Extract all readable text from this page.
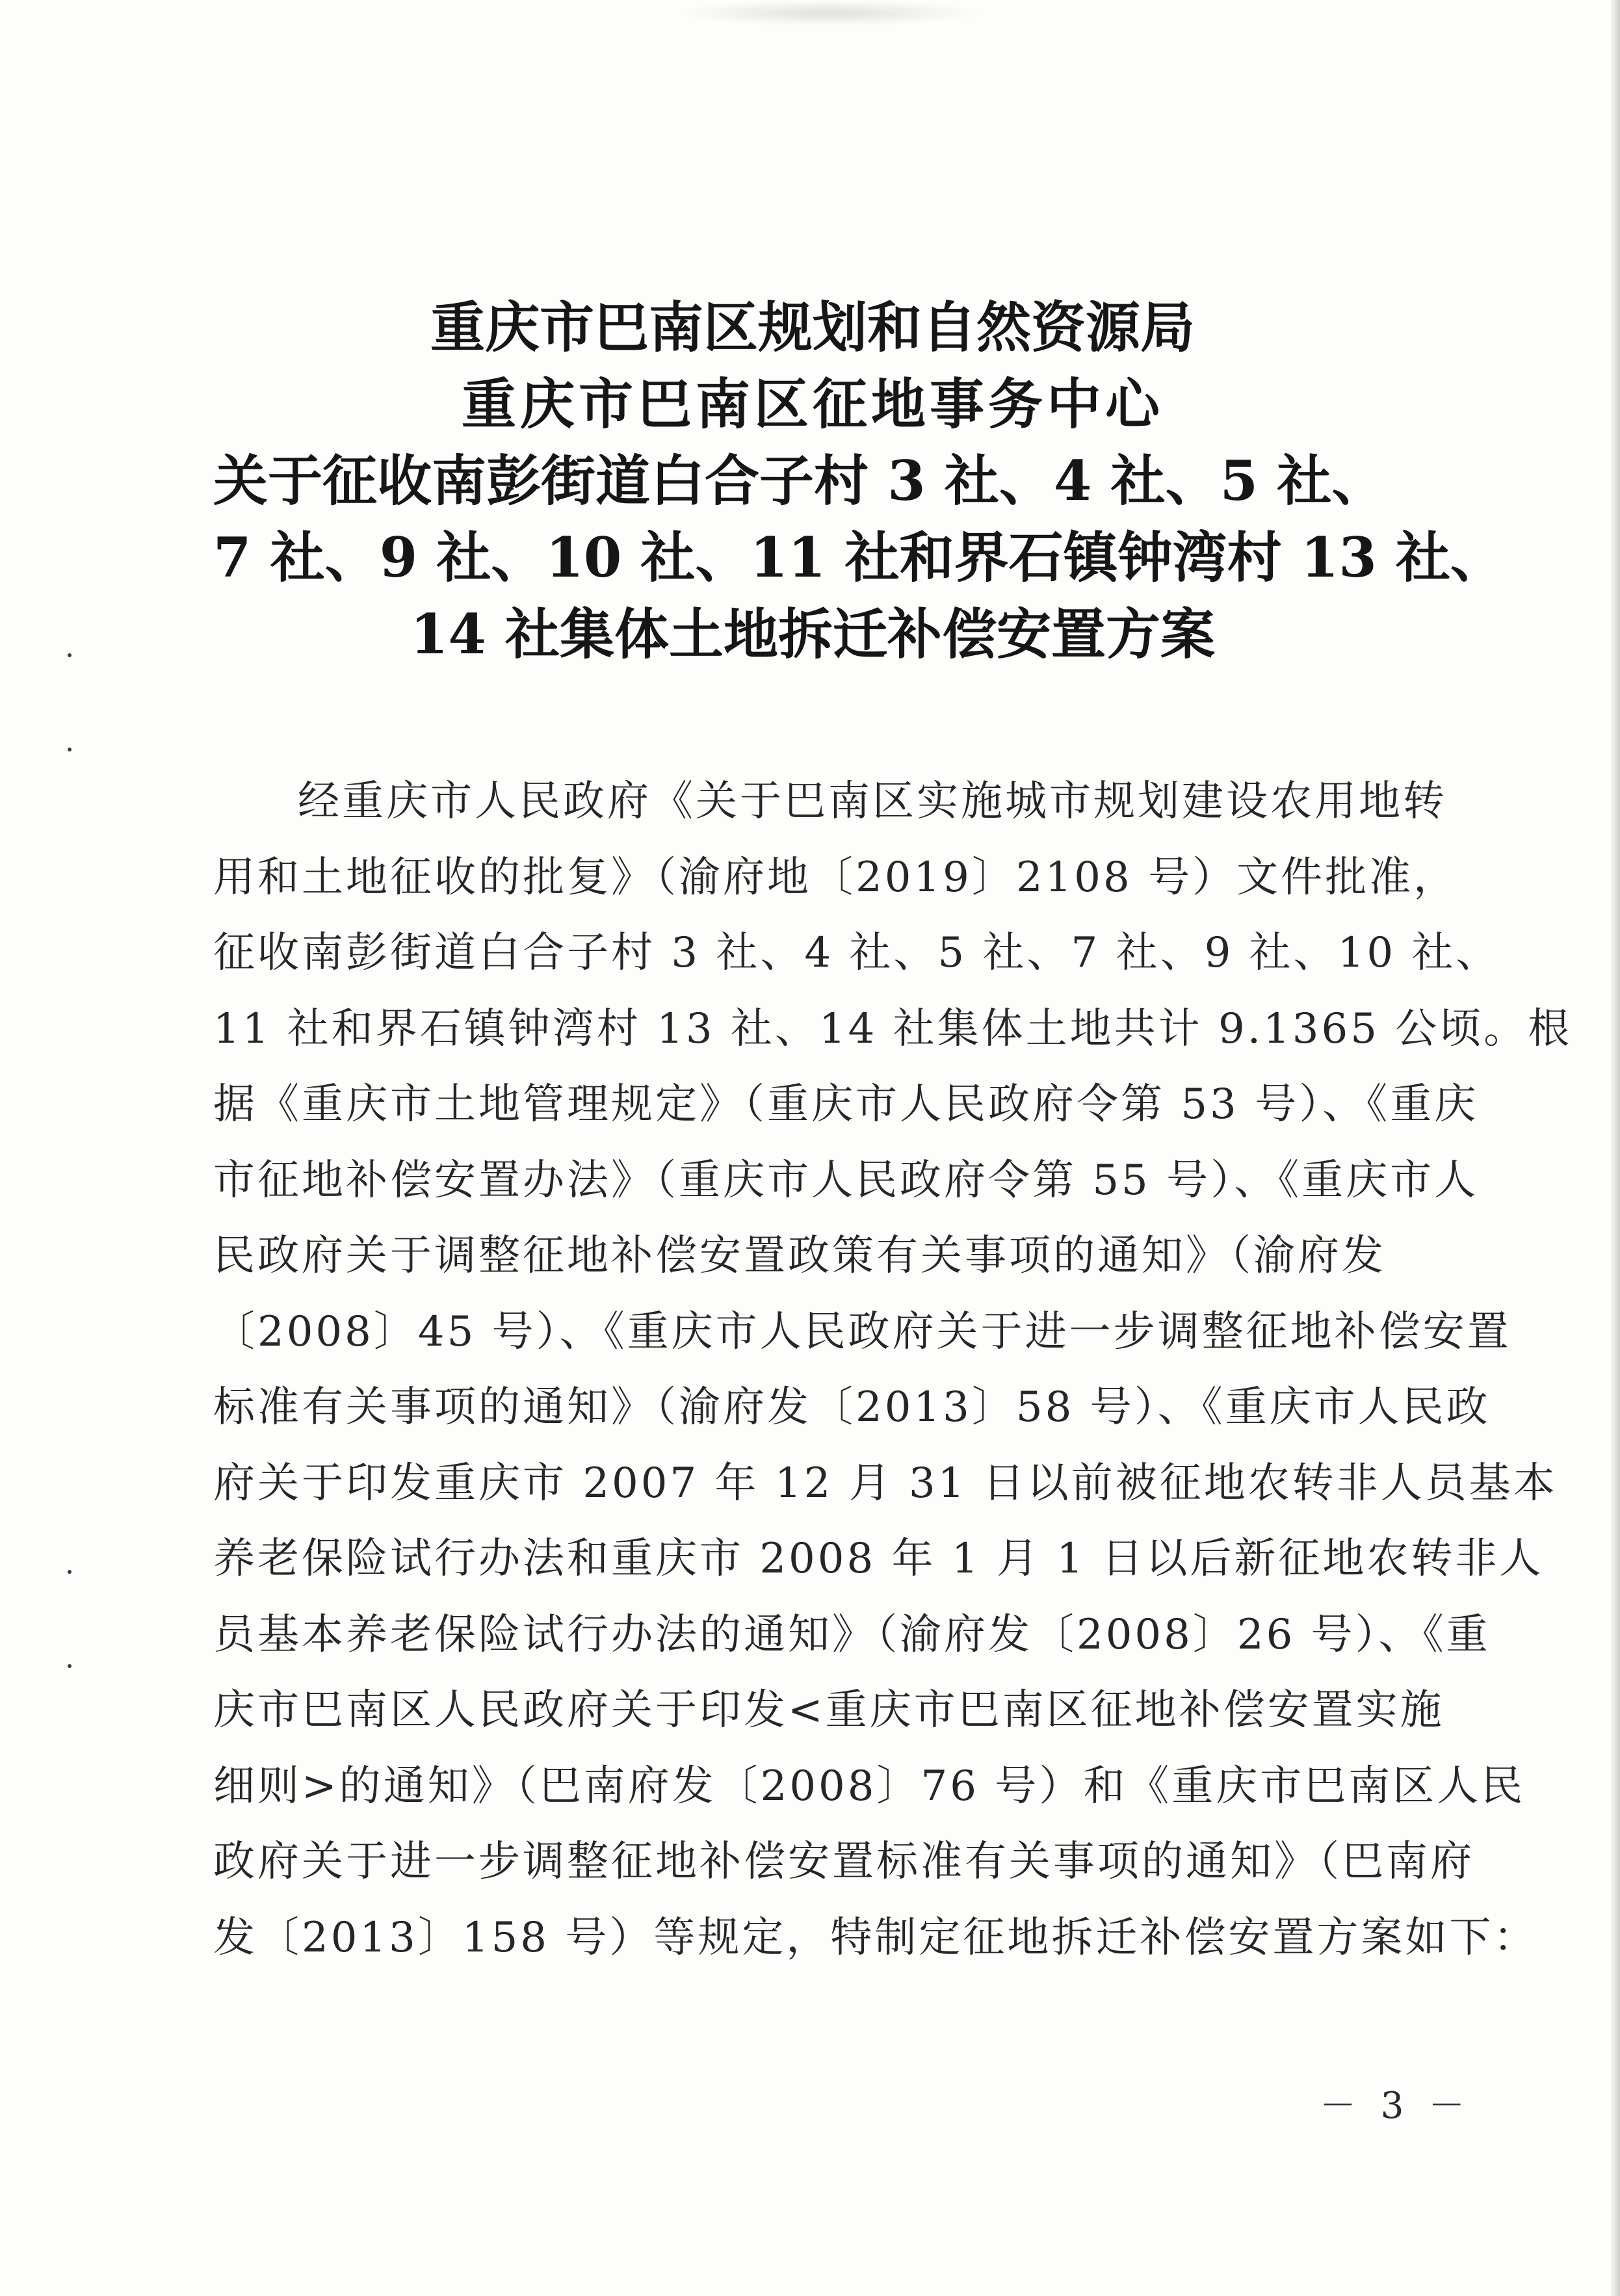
重庆市巴南区规划和自然资源局
重庆市巴南区征地事务中心
关于征收南彭街道白合子村 3 社、4 社、5 社、
7 社、9 社、10 社、11 社和界石镇钟湾村 13 社、
14 社集体土地拆迁补偿安置方案
经重庆市人民政府《关于巴南区实施城市规划建设农用地转
用和土地征收的批复》（渝府地〔2019〕2108 号）文件批准，
征收南彭街道白合子村 3 社、4 社、5 社、7 社、9 社、10 社、
11 社和界石镇钟湾村 13 社、14 社集体土地共计 9.1365 公顷。根
据《重庆市土地管理规定》（重庆市人民政府令第 53 号）、《重庆
市征地补偿安置办法》（重庆市人民政府令第 55 号）、《重庆市人
民政府关于调整征地补偿安置政策有关事项的通知》（渝府发
〔2008〕45 号）、《重庆市人民政府关于进一步调整征地补偿安置
标准有关事项的通知》（渝府发〔2013〕58 号）、《重庆市人民政
府关于印发重庆市 2007 年 12 月 31 日以前被征地农转非人员基本
养老保险试行办法和重庆市 2008 年 1 月 1 日以后新征地农转非人
员基本养老保险试行办法的通知》（渝府发〔2008〕26 号）、《重
庆市巴南区人民政府关于印发<重庆市巴南区征地补偿安置实施
细则>的通知》（巴南府发〔2008〕76 号）和《重庆市巴南区人民
政府关于进一步调整征地补偿安置标准有关事项的通知》（巴南府
发〔2013〕158 号）等规定，特制定征地拆迁补偿安置方案如下：
－ 3 －
